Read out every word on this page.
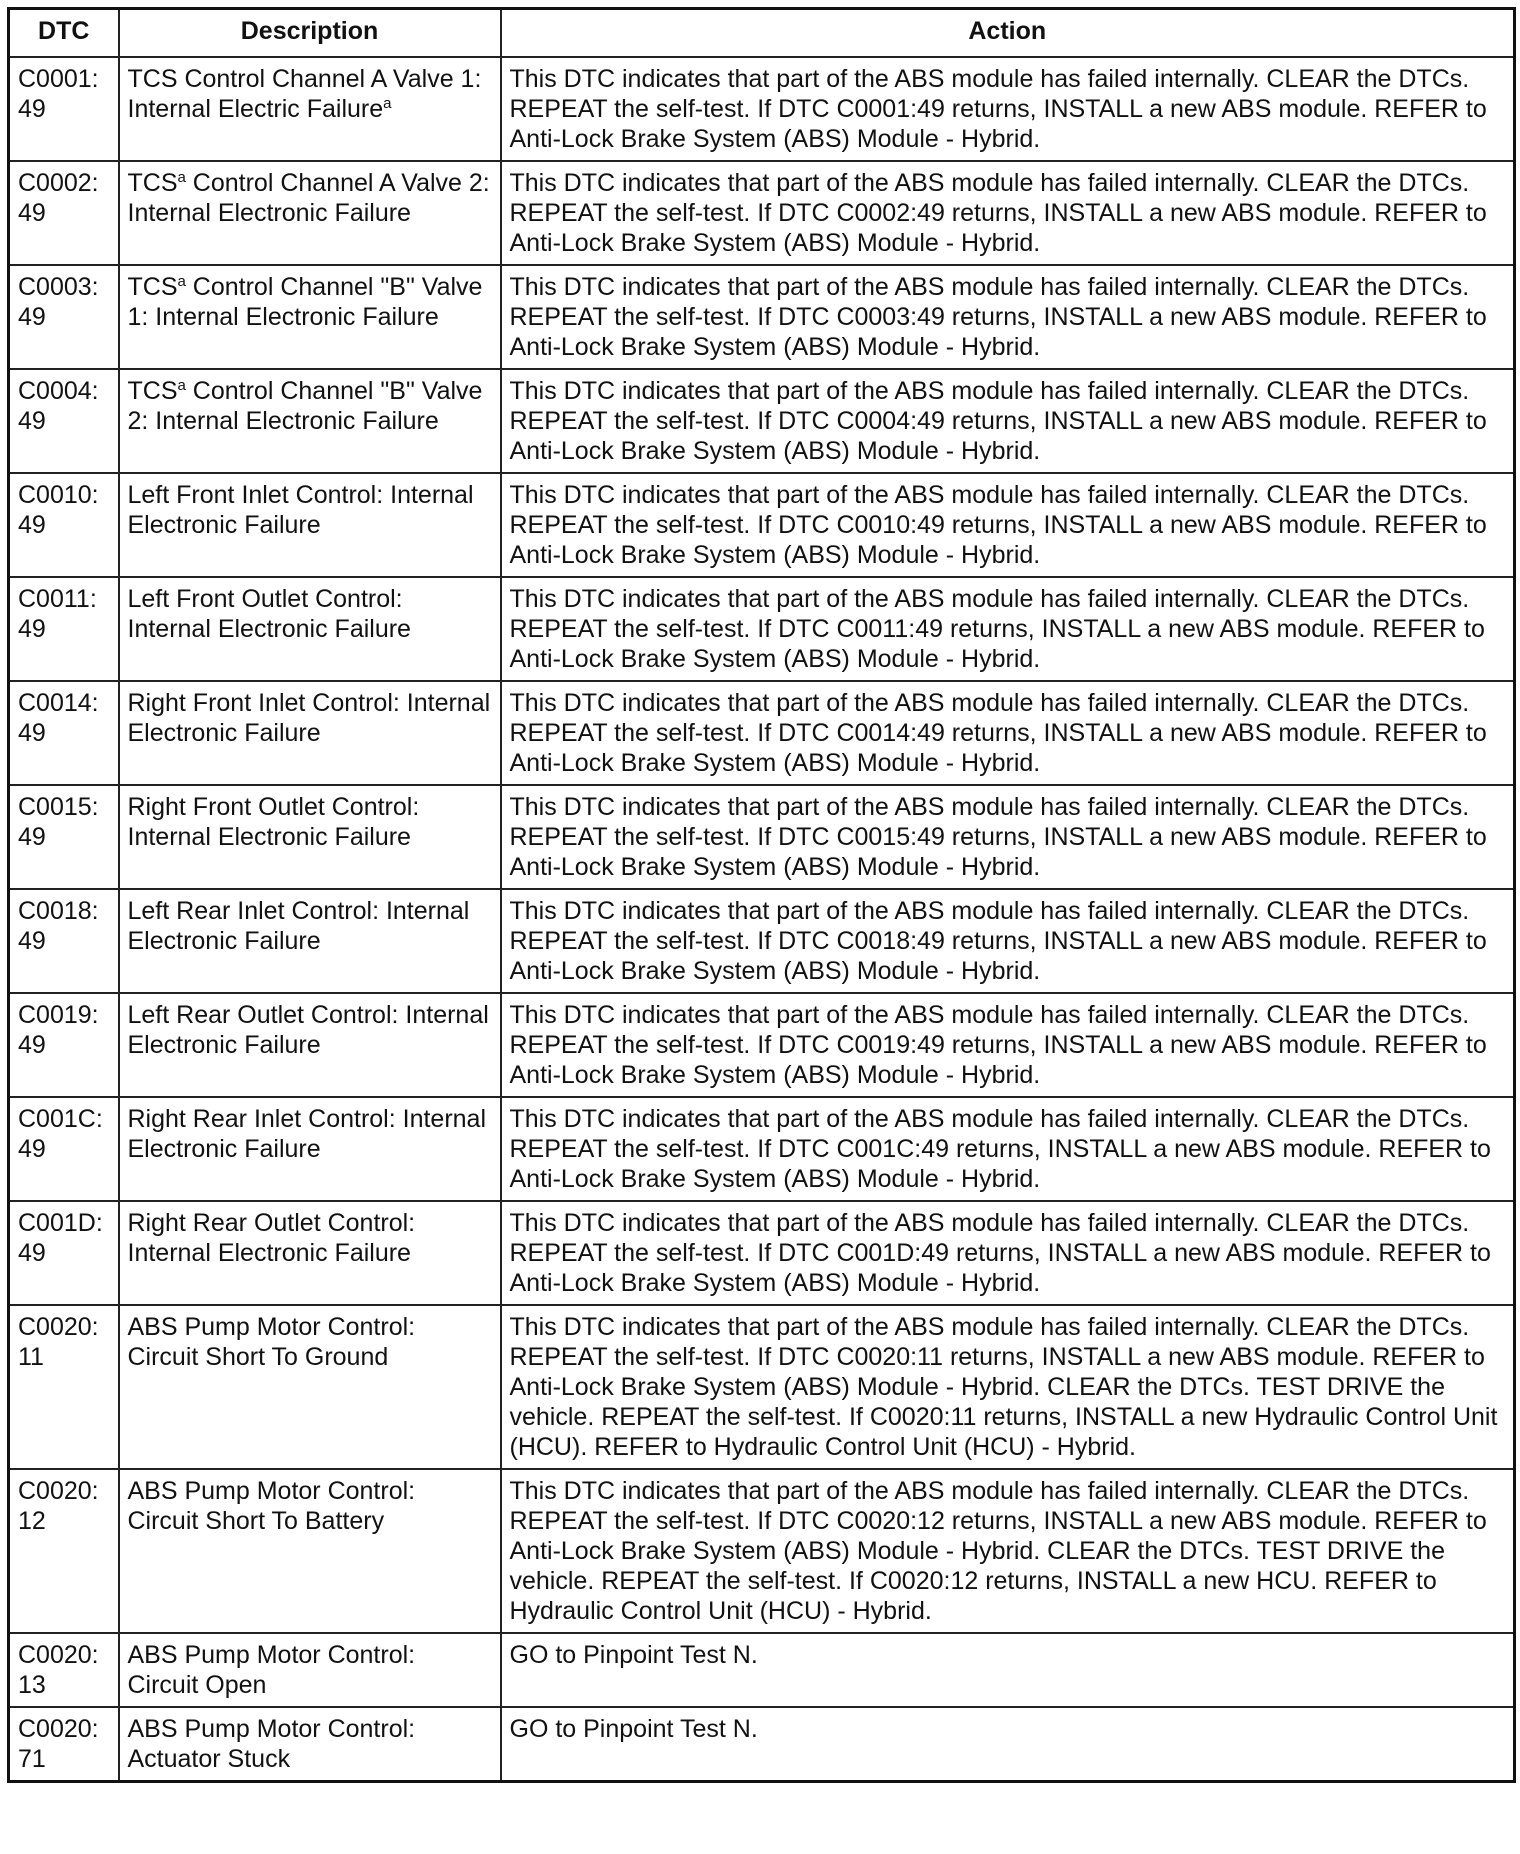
DTC	Description	Action
C0001:49	TCS Control Channel A Valve 1: Internal Electric Failure$^a$	This DTC indicates that part of the ABS module has failed internally. CLEAR the DTCs. REPEAT the self-test. If DTC C0001:49 returns, INSTALL a new ABS module. REFER to Anti-Lock Brake System (ABS) Module - Hybrid.
C0002:49	TCS$^a$ Control Channel A Valve 2: Internal Electronic Failure	This DTC indicates that part of the ABS module has failed internally. CLEAR the DTCs. REPEAT the self-test. If DTC C0002:49 returns, INSTALL a new ABS module. REFER to Anti-Lock Brake System (ABS) Module - Hybrid.
C0003:49	TCS$^a$ Control Channel "B" Valve 1: Internal Electronic Failure	This DTC indicates that part of the ABS module has failed internally. CLEAR the DTCs. REPEAT the self-test. If DTC C0003:49 returns, INSTALL a new ABS module. REFER to Anti-Lock Brake System (ABS) Module - Hybrid.
C0004:49	TCS$^a$ Control Channel "B" Valve 2: Internal Electronic Failure	This DTC indicates that part of the ABS module has failed internally. CLEAR the DTCs. REPEAT the self-test. If DTC C0004:49 returns, INSTALL a new ABS module. REFER to Anti-Lock Brake System (ABS) Module - Hybrid.
C0010:49	Left Front Inlet Control: Internal Electronic Failure	This DTC indicates that part of the ABS module has failed internally. CLEAR the DTCs. REPEAT the self-test. If DTC C0010:49 returns, INSTALL a new ABS module. REFER to Anti-Lock Brake System (ABS) Module - Hybrid.
C0011:49	Left Front Outlet Control: Internal Electronic Failure	This DTC indicates that part of the ABS module has failed internally. CLEAR the DTCs. REPEAT the self-test. If DTC C0011:49 returns, INSTALL a new ABS module. REFER to Anti-Lock Brake System (ABS) Module - Hybrid.
C0014:49	Right Front Inlet Control: Internal Electronic Failure	This DTC indicates that part of the ABS module has failed internally. CLEAR the DTCs. REPEAT the self-test. If DTC C0014:49 returns, INSTALL a new ABS module. REFER to Anti-Lock Brake System (ABS) Module - Hybrid.
C0015:49	Right Front Outlet Control: Internal Electronic Failure	This DTC indicates that part of the ABS module has failed internally. CLEAR the DTCs. REPEAT the self-test. If DTC C0015:49 returns, INSTALL a new ABS module. REFER to Anti-Lock Brake System (ABS) Module - Hybrid.
C0018:49	Left Rear Inlet Control: Internal Electronic Failure	This DTC indicates that part of the ABS module has failed internally. CLEAR the DTCs. REPEAT the self-test. If DTC C0018:49 returns, INSTALL a new ABS module. REFER to Anti-Lock Brake System (ABS) Module - Hybrid.
C0019:49	Left Rear Outlet Control: Internal Electronic Failure	This DTC indicates that part of the ABS module has failed internally. CLEAR the DTCs. REPEAT the self-test. If DTC C0019:49 returns, INSTALL a new ABS module. REFER to Anti-Lock Brake System (ABS) Module - Hybrid.
C001C:49	Right Rear Inlet Control: Internal Electronic Failure	This DTC indicates that part of the ABS module has failed internally. CLEAR the DTCs. REPEAT the self-test. If DTC C001C:49 returns, INSTALL a new ABS module. REFER to Anti-Lock Brake System (ABS) Module - Hybrid.
C001D:49	Right Rear Outlet Control: Internal Electronic Failure	This DTC indicates that part of the ABS module has failed internally. CLEAR the DTCs. REPEAT the self-test. If DTC C001D:49 returns, INSTALL a new ABS module. REFER to Anti-Lock Brake System (ABS) Module - Hybrid.
C0020:11	ABS Pump Motor Control: Circuit Short To Ground	This DTC indicates that part of the ABS module has failed internally. CLEAR the DTCs. REPEAT the self-test. If DTC C0020:11 returns, INSTALL a new ABS module. REFER to Anti-Lock Brake System (ABS) Module - Hybrid. CLEAR the DTCs. TEST DRIVE the vehicle. REPEAT the self-test. If C0020:11 returns, INSTALL a new Hydraulic Control Unit (HCU). REFER to Hydraulic Control Unit (HCU) - Hybrid.
C0020:12	ABS Pump Motor Control: Circuit Short To Battery	This DTC indicates that part of the ABS module has failed internally. CLEAR the DTCs. REPEAT the self-test. If DTC C0020:12 returns, INSTALL a new ABS module. REFER to Anti-Lock Brake System (ABS) Module - Hybrid. CLEAR the DTCs. TEST DRIVE the vehicle. REPEAT the self-test. If C0020:12 returns, INSTALL a new HCU. REFER to Hydraulic Control Unit (HCU) - Hybrid.
C0020:13	ABS Pump Motor Control: Circuit Open	GO to Pinpoint Test N.
C0020:71	ABS Pump Motor Control: Actuator Stuck	GO to Pinpoint Test N.
